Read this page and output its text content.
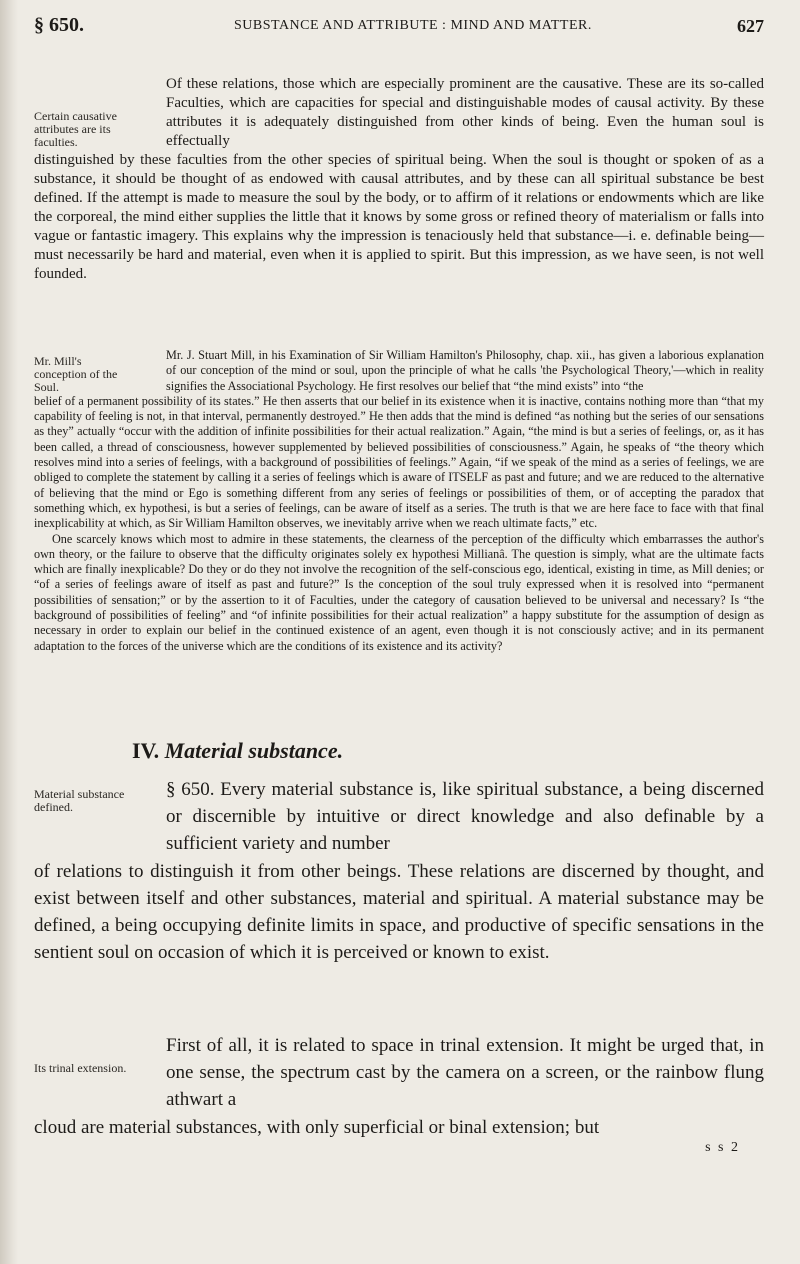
§ 650.	SUBSTANCE AND ATTRIBUTE : MIND AND MATTER.	627
Certain causative attributes are its faculties.
Mr. Mill's conception of the Soul.
Material substance defined.
Its trinal extension.

Of these relations, those which are especially prominent are the causative. These are its so-called Faculties, which are capacities for special and distinguishable modes of causal activity. By these attributes it is adequately distinguished from other kinds of being. Even the human soul is effectually

distinguished by these faculties from the other species of spiritual being. When the soul is thought or spoken of as a substance, it should be thought of as endowed with causal attributes, and by these can all spiritual substance be best defined. If the attempt is made to measure the soul by the body, or to affirm of it relations or endowments which are like the corporeal, the mind either supplies the little that it knows by some gross or refined theory of materialism or falls into vague or fantastic imagery. This explains why the impression is tenaciously held that substance—i. e. definable being—must necessarily be hard and material, even when it is applied to spirit. But this impression, as we have seen, is not well founded.

Mr. J. Stuart Mill, in his Examination of Sir William Hamilton's Philosophy, chap. xii., has given a laborious explanation of our conception of the mind or soul, upon the principle of what he calls 'the Psychological Theory,'—which in reality signifies the Associational Psychology. He first resolves our belief that “the mind exists” into “the

belief of a permanent possibility of its states.” He then asserts that our belief in its existence when it is inactive, contains nothing more than “that my capability of feeling is not, in that interval, permanently destroyed.” He then adds that the mind is defined “as nothing but the series of our sensations as they” actually “occur with the addition of infinite possibilities for their actual realization.” Again, “the mind is but a series of feelings, or, as it has been called, a thread of consciousness, however supplemented by believed possibilities of consciousness.” Again, he speaks of “the theory which resolves mind into a series of feelings, with a background of possibilities of feelings.” Again, “if we speak of the mind as a series of feelings, we are obliged to complete the statement by calling it a series of feelings which is aware of ITSELF as past and future; and we are reduced to the alternative of believing that the mind or Ego is something different from any series of feelings or possibilities of them, or of accepting the paradox that something which, ex hypothesi, is but a series of feelings, can be aware of itself as a series. The truth is that we are here face to face with that final inexplicability at which, as Sir William Hamilton observes, we inevitably arrive when we reach ultimate facts,” etc.

One scarcely knows which most to admire in these statements, the clearness of the perception of the difficulty which embarrasses the author's own theory, or the failure to observe that the difficulty originates solely ex hypothesi Millianâ. The question is simply, what are the ultimate facts which are finally inexplicable? Do they or do they not involve the recognition of the self-conscious ego, identical, existing in time, as Mill denies; or “of a series of feelings aware of itself as past and future?” Is the conception of the soul truly expressed when it is resolved into “permanent possibilities of sensation;” or by the assertion to it of Faculties, under the category of causation believed to be universal and necessary? Is “the background of possibilities of feeling” and “of infinite possibilities for their actual realization” a happy substitute for the assumption of design as necessary in order to explain our belief in the continued existence of an agent, even though it is not consciously active; and in its permanent adaptation to the forces of the universe which are the conditions of its existence and its activity?

IV. Material substance.

§ 650. Every material substance is, like spiritual substance, a being discerned or discernible by intuitive or direct knowledge and also definable by a sufficient variety and number

of relations to distinguish it from other beings. These relations are discerned by thought, and exist between itself and other substances, material and spiritual. A material substance may be defined, a being occupying definite limits in space, and productive of specific sensations in the sentient soul on occasion of which it is perceived or known to exist.

First of all, it is related to space in trinal extension. It might be urged that, in one sense, the spectrum cast by the camera on a screen, or the rainbow flung athwart a

cloud are material substances, with only superficial or binal extension; but

s s 2
